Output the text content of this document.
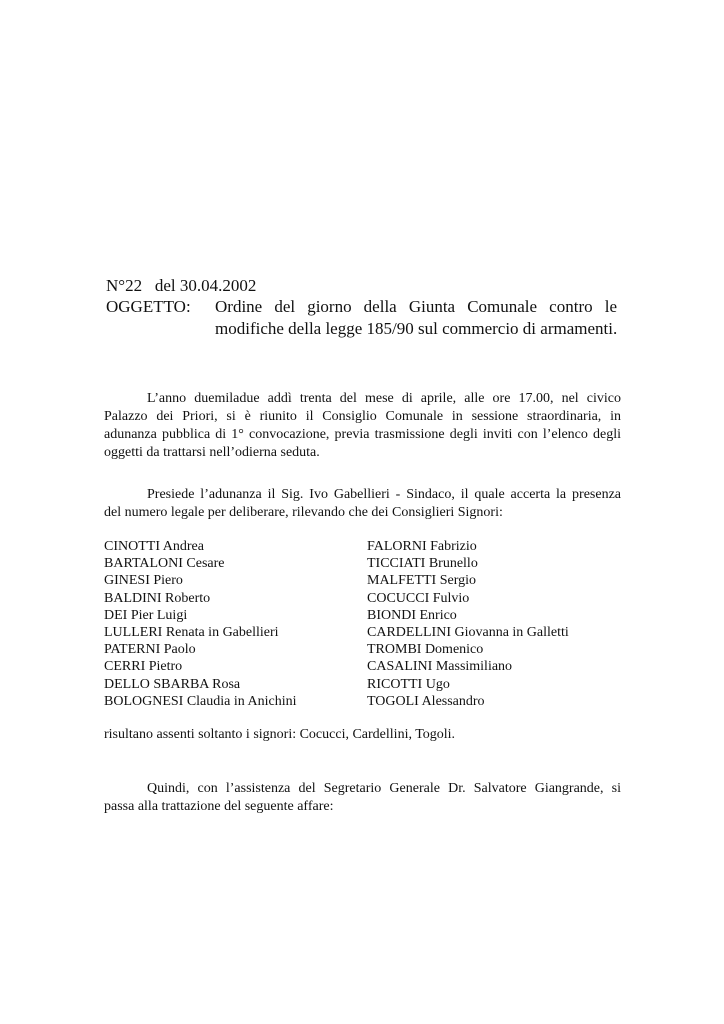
N°22 del 30.04.2002
OGGETTO: Ordine del giorno della Giunta Comunale contro le
modifiche della legge 185/90 sul commercio di armamenti.
L’anno duemiladue addì trenta del mese di aprile, alle ore 17.00, nel civico
Palazzo dei Priori, si è riunito il Consiglio Comunale in sessione straordinaria, in
adunanza pubblica di 1° convocazione, previa trasmissione degli inviti con l’elenco degli
oggetti da trattarsi nell’odierna seduta.
Presiede l’adunanza il Sig. Ivo Gabellieri - Sindaco, il quale accerta la presenza
del numero legale per deliberare, rilevando che dei Consiglieri Signori:
CINOTTI Andrea
BARTALONI Cesare
GINESI Piero
BALDINI Roberto
DEI Pier Luigi
LULLERI Renata in Gabellieri
PATERNI Paolo
CERRI Pietro
DELLO SBARBA Rosa
BOLOGNESI Claudia in Anichini
FALORNI Fabrizio
TICCIATI Brunello
MALFETTI Sergio
COCUCCI Fulvio
BIONDI Enrico
CARDELLINI Giovanna in Galletti
TROMBI Domenico
CASALINI Massimiliano
RICOTTI Ugo
TOGOLI Alessandro
risultano assenti soltanto i signori: Cocucci, Cardellini, Togoli.
Quindi, con l’assistenza del Segretario Generale Dr. Salvatore Giangrande, si
passa alla trattazione del seguente affare:
